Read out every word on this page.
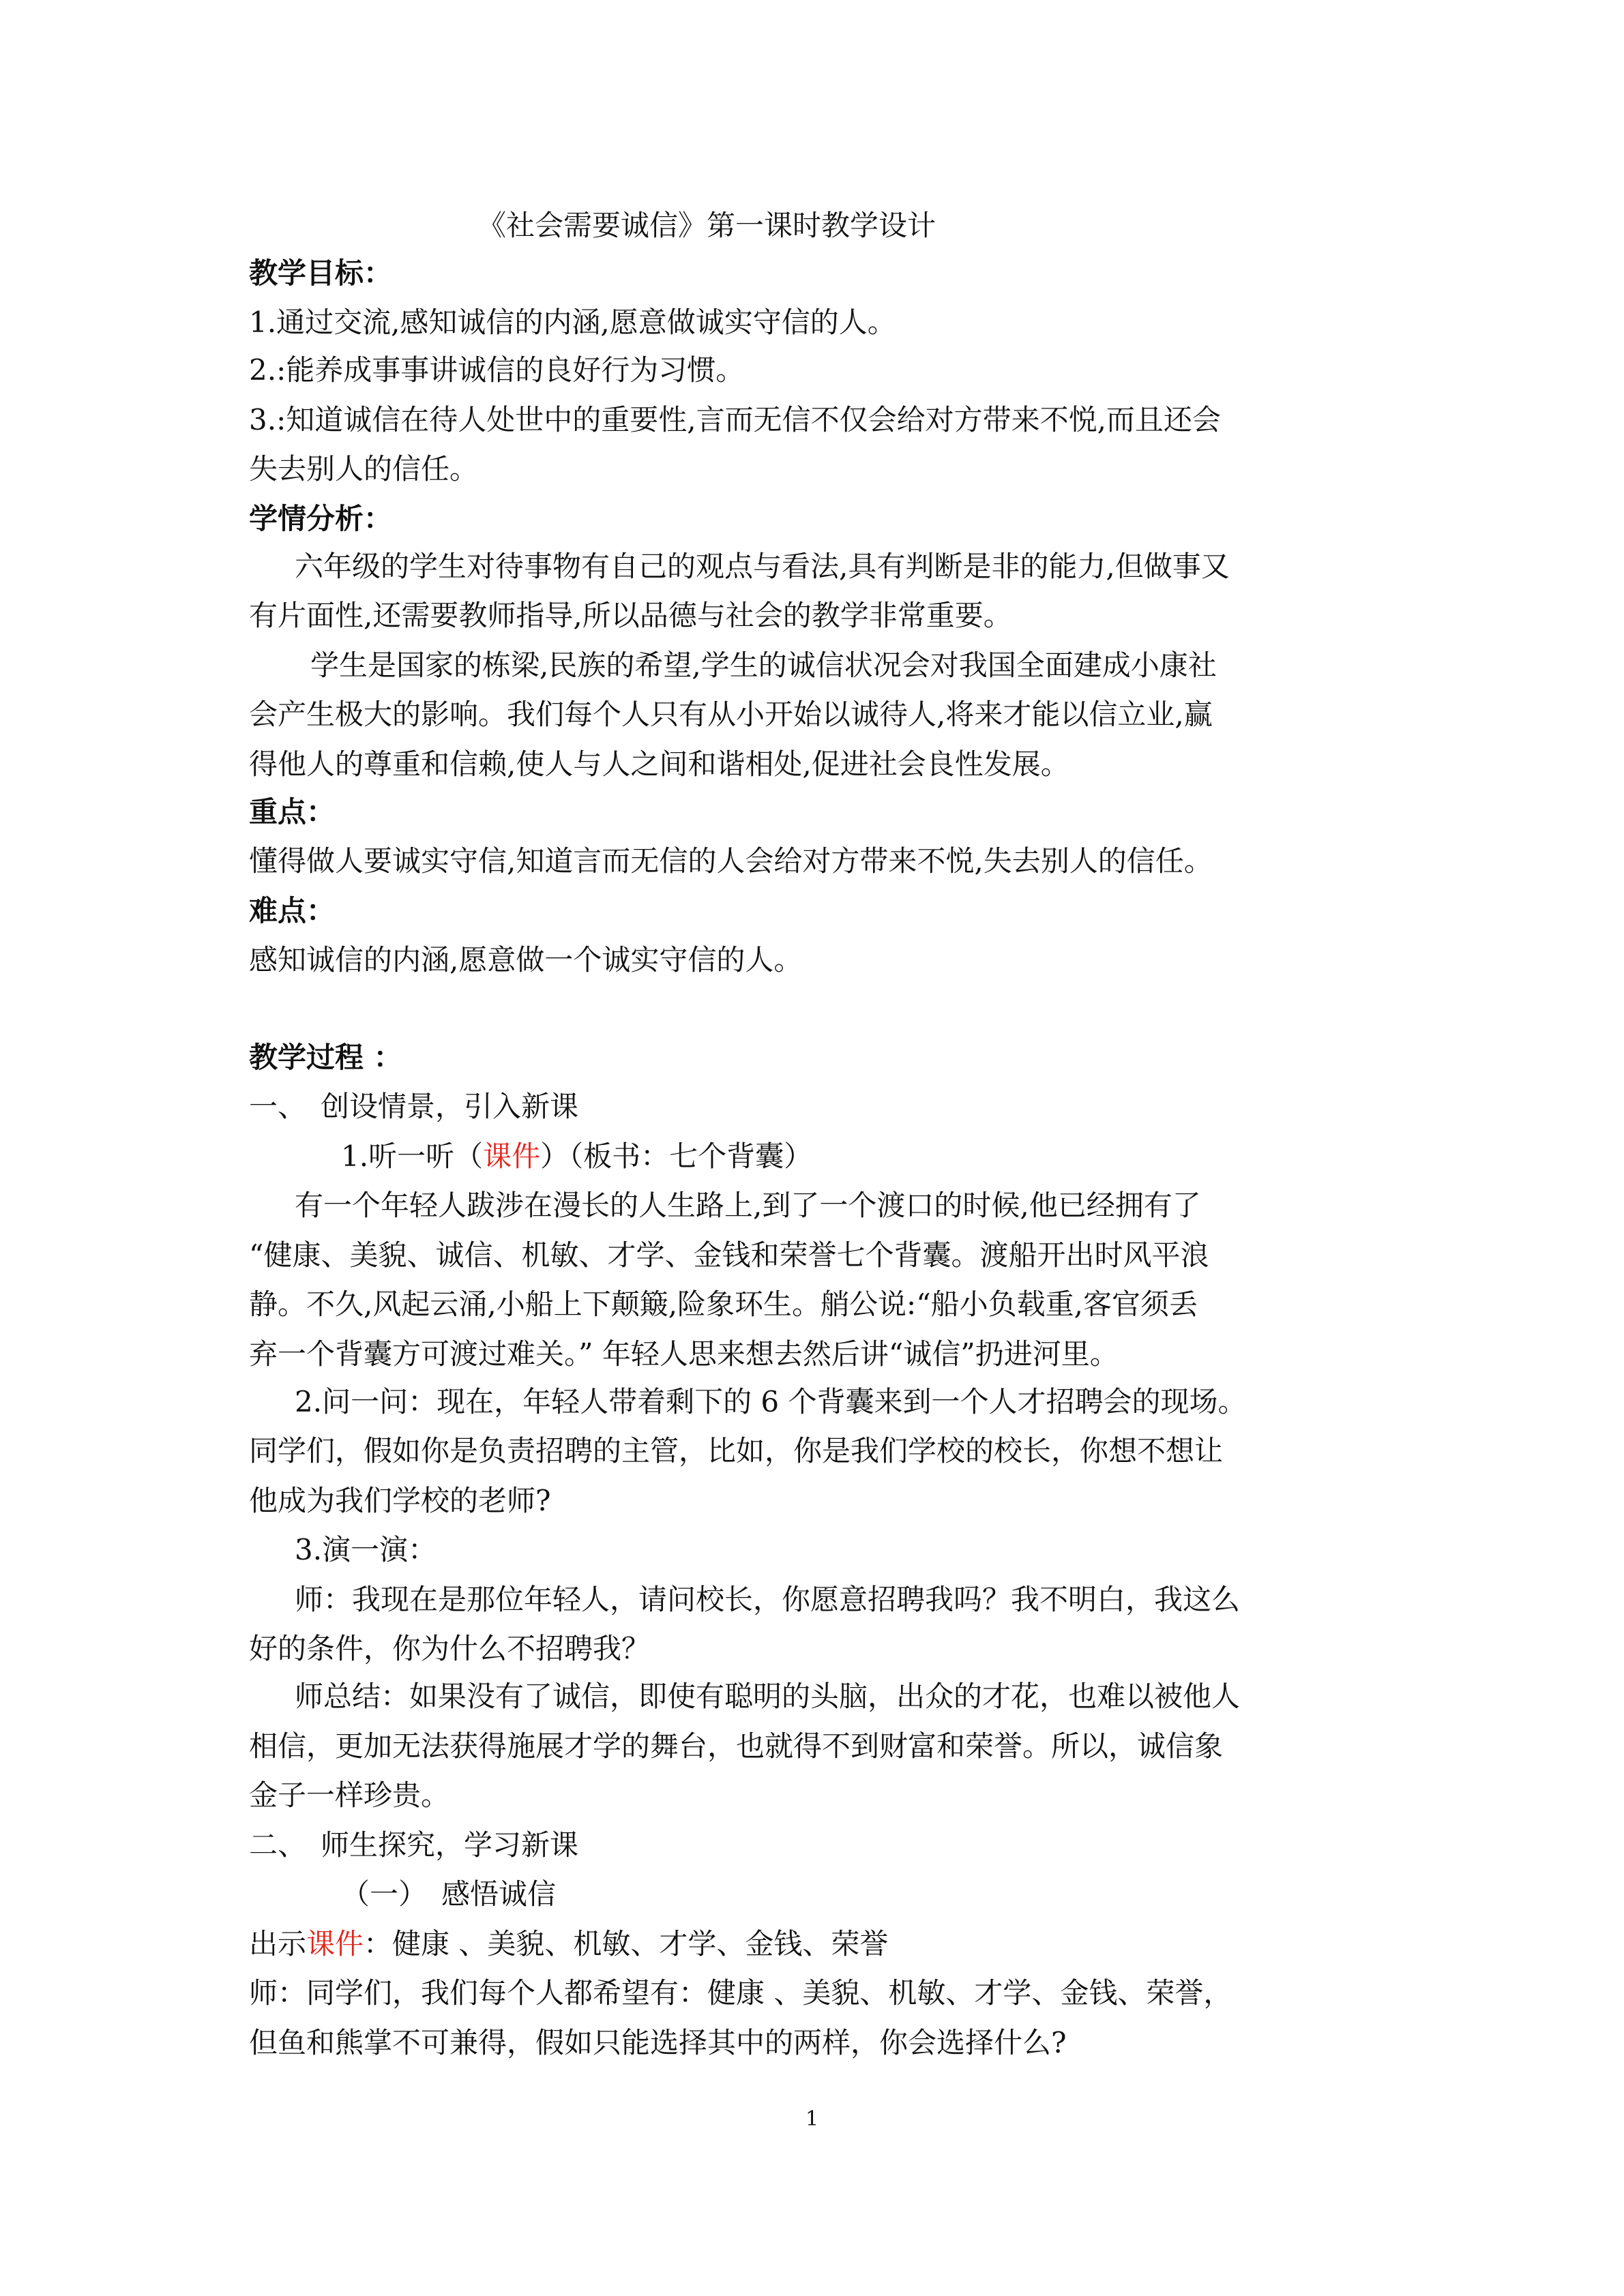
《社会需要诚信》第一课时教学设计
教学目标：
1.通过交流,感知诚信的内涵,愿意做诚实守信的人。
2.:能养成事事讲诚信的良好行为习惯。
3.:知道诚信在待人处世中的重要性,言而无信不仅会给对方带来不悦,而且还会
失去别人的信任。
学情分析：
六年级的学生对待事物有自己的观点与看法,具有判断是非的能力,但做事又
有片面性,还需要教师指导,所以品德与社会的教学非常重要。
学生是国家的栋梁,民族的希望,学生的诚信状况会对我国全面建成小康社
会产生极大的影响。我们每个人只有从小开始以诚待人,将来才能以信立业,赢
得他人的尊重和信赖,使人与人之间和谐相处,促进社会良性发展。
重点：
懂得做人要诚实守信,知道言而无信的人会给对方带来不悦,失去别人的信任。
难点：
感知诚信的内涵,愿意做一个诚实守信的人。
教学过程 ：
一、　创设情景，引入新课
1.听一听（课件）（板书：七个背囊）
有一个年轻人跋涉在漫长的人生路上,到了一个渡口的时候,他已经拥有了
“健康、美貌、诚信、机敏、才学、金钱和荣誉七个背囊。渡船开出时风平浪
静。不久,风起云涌,小船上下颠簸,险象环生。艄公说:“船小负载重,客官须丢
弃一个背囊方可渡过难关。” 年轻人思来想去然后讲“诚信”扔进河里。
2.问一问：现在，年轻人带着剩下的 6 个背囊来到一个人才招聘会的现场。
同学们，假如你是负责招聘的主管，比如，你是我们学校的校长，你想不想让
他成为我们学校的老师?
3.演一演：
师：我现在是那位年轻人，请问校长，你愿意招聘我吗？我不明白，我这么
好的条件，你为什么不招聘我？
师总结：如果没有了诚信，即使有聪明的头脑，出众的才花，也难以被他人
相信，更加无法获得施展才学的舞台，也就得不到财富和荣誉。所以，诚信象
金子一样珍贵。
二、　师生探究，学习新课
（一）　感悟诚信
出示课件：健康 、美貌、机敏、才学、金钱、荣誉
师：同学们，我们每个人都希望有：健康 、美貌、机敏、才学、金钱、荣誉，
但鱼和熊掌不可兼得，假如只能选择其中的两样，你会选择什么?
1
